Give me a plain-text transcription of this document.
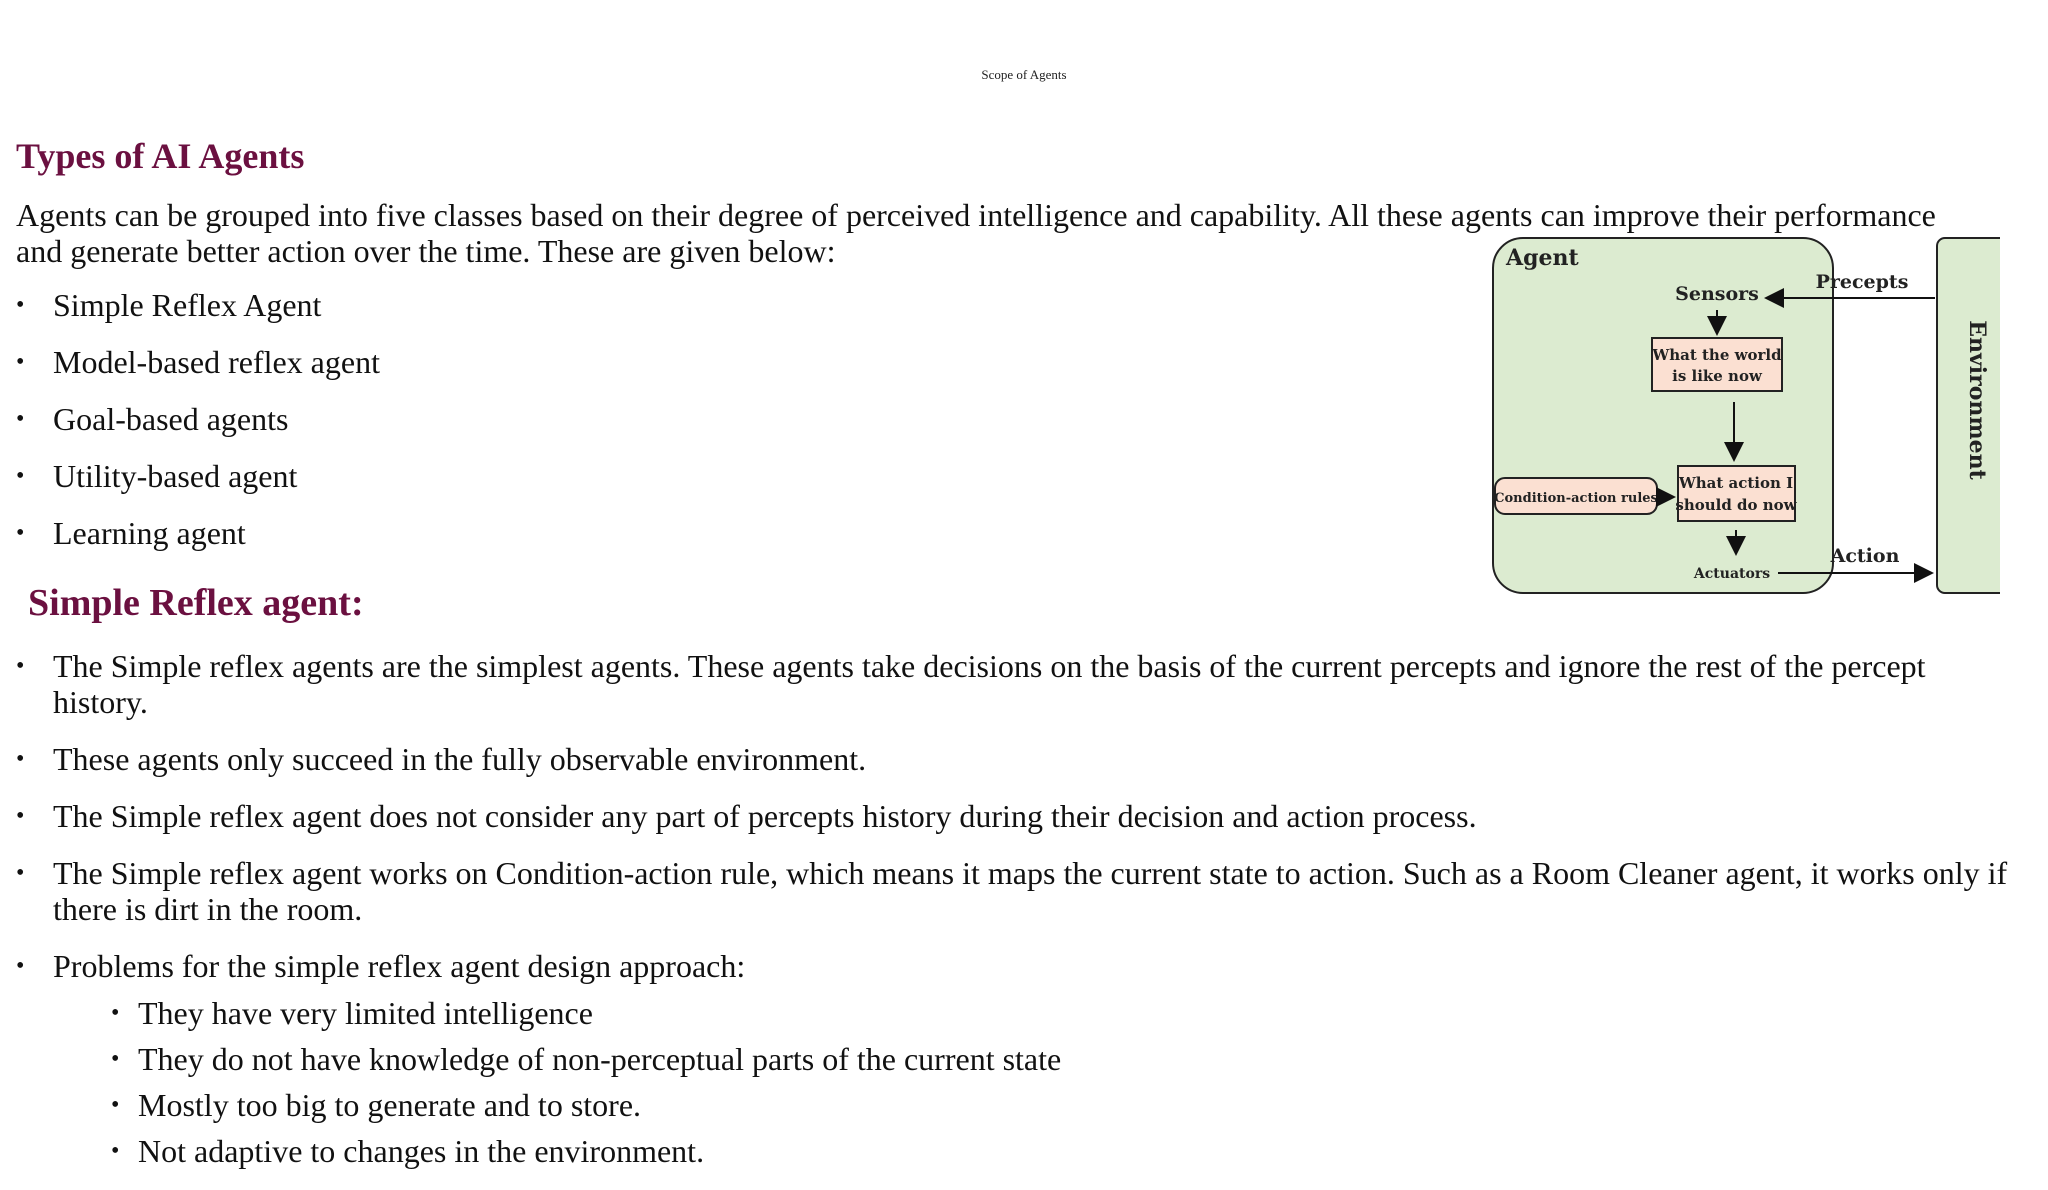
Scope of Agents
Types of AI Agents

Agents can be grouped into five classes based on their degree of perceived intelligence and capability. All these agents can improve their performance
and generate better action over the time. These are given below:

• Simple Reflex Agent
• Model-based reflex agent
• Goal-based agents
• Utility-based agent
• Learning agent
Agent
Environment
Sensors
Precepts
What the world
is like now
What action I
should do now
Condition-action rules
Actuators
Action
Simple Reflex agent:
• The Simple reflex agents are the simplest agents. These agents take decisions on the basis of the current percepts and ignore the rest of the percept history.
• These agents only succeed in the fully observable environment.
• The Simple reflex agent does not consider any part of percepts history during their decision and action process.
• The Simple reflex agent works on Condition-action rule, which means it maps the current state to action. Such as a Room Cleaner agent, it works only if there is dirt in the room.
• Problems for the simple reflex agent design approach:
• They have very limited intelligence
• They do not have knowledge of non-perceptual parts of the current state
• Mostly too big to generate and to store.
• Not adaptive to changes in the environment.
